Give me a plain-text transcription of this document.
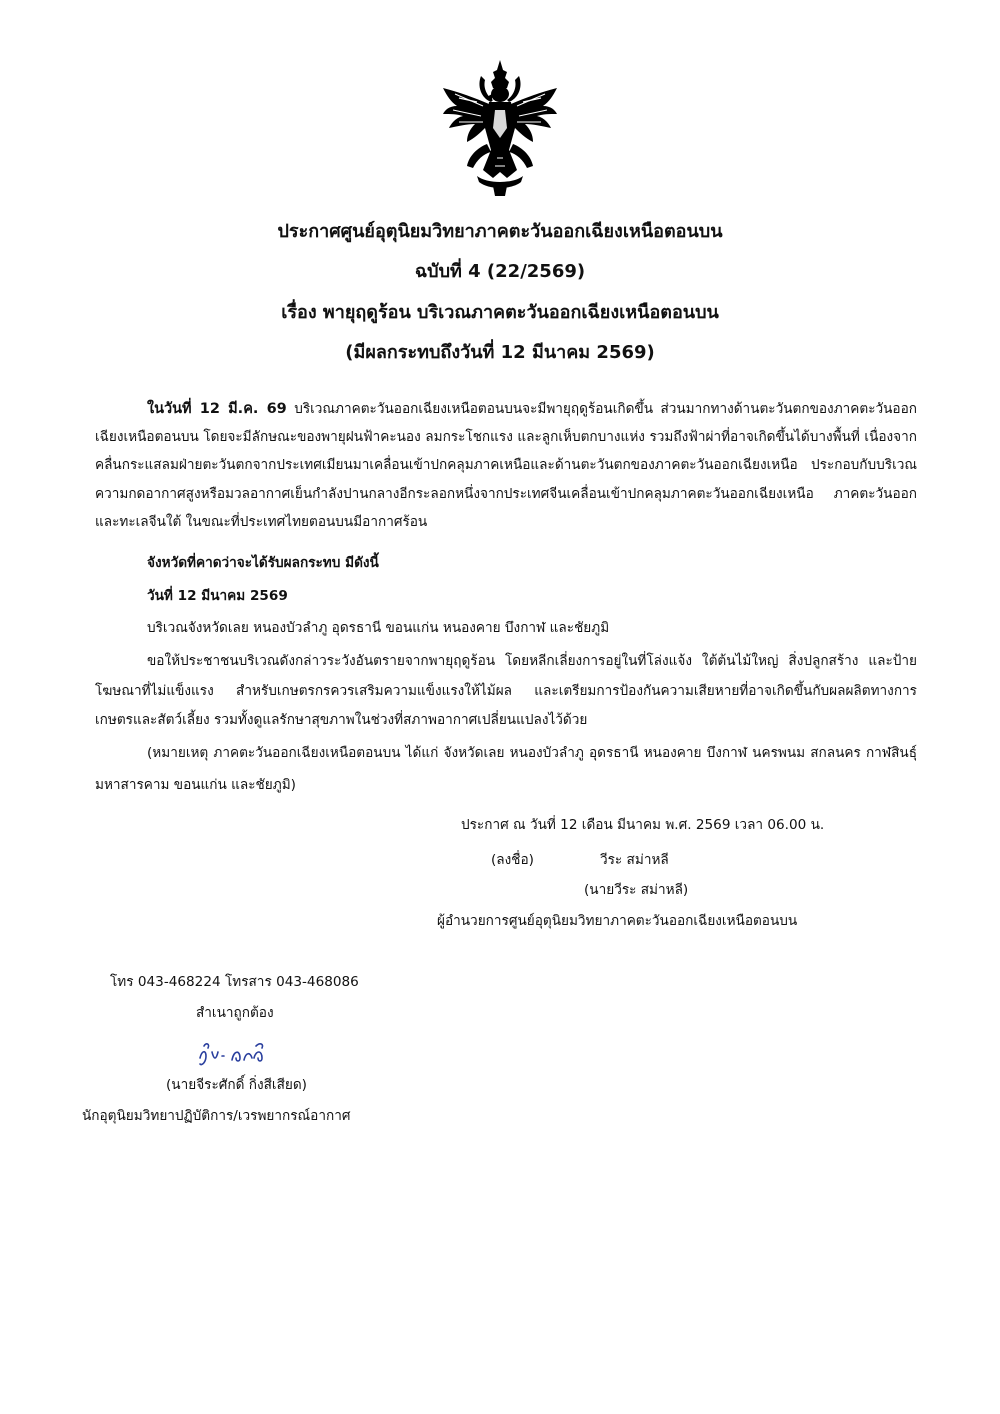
ประกาศศูนย์อุตุนิยมวิทยาภาคตะวันออกเฉียงเหนือตอนบน
ฉบับที่ 4 (22/2569)
เรื่อง พายุฤดูร้อน บริเวณภาคตะวันออกเฉียงเหนือตอนบน
(มีผลกระทบถึงวันที่ 12 มีนาคม 2569)

ในวันที่ 12 มี.ค. 69 บริเวณภาคตะวันออกเฉียงเหนือตอนบนจะมีพายุฤดูร้อนเกิดขึ้น ส่วนมากทางด้านตะวันตกของภาคตะวันออกเฉียงเหนือตอนบน โดยจะมีลักษณะของพายุฝนฟ้าคะนอง ลมกระโชกแรง และลูกเห็บตกบางแห่ง รวมถึงฟ้าผ่าที่อาจเกิดขึ้นได้บางพื้นที่ เนื่องจากคลื่นกระแสลมฝ่ายตะวันตกจากประเทศเมียนมาเคลื่อนเข้าปกคลุมภาคเหนือและด้านตะวันตกของภาคตะวันออกเฉียงเหนือ ประกอบกับบริเวณความกดอากาศสูงหรือมวลอากาศเย็นกำลังปานกลางอีกระลอกหนึ่งจากประเทศจีนเคลื่อนเข้าปกคลุมภาคตะวันออกเฉียงเหนือ ภาคตะวันออก และทะเลจีนใต้ ในขณะที่ประเทศไทยตอนบนมีอากาศร้อน

จังหวัดที่คาดว่าจะได้รับผลกระทบ มีดังนี้
วันที่ 12 มีนาคม 2569
บริเวณจังหวัดเลย หนองบัวลำภู อุดรธานี ขอนแก่น หนองคาย บึงกาฬ และชัยภูมิ

ขอให้ประชาชนบริเวณดังกล่าวระวังอันตรายจากพายุฤดูร้อน โดยหลีกเลี่ยงการอยู่ในที่โล่งแจ้ง ใต้ต้นไม้ใหญ่ สิ่งปลูกสร้าง และป้ายโฆษณาที่ไม่แข็งแรง สำหรับเกษตรกรควรเสริมความแข็งแรงให้ไม้ผล และเตรียมการป้องกันความเสียหายที่อาจเกิดขึ้นกับผลผลิตทางการเกษตรและสัตว์เลี้ยง รวมทั้งดูแลรักษาสุขภาพในช่วงที่สภาพอากาศเปลี่ยนแปลงไว้ด้วย

(หมายเหตุ ภาคตะวันออกเฉียงเหนือตอนบน ได้แก่ จังหวัดเลย หนองบัวลำภู อุดรธานี หนองคาย บึงกาฬ นครพนม สกลนคร กาฬสินธุ์ มหาสารคาม ขอนแก่น และชัยภูมิ)

ประกาศ ณ วันที่ 12 เดือน มีนาคม พ.ศ. 2569 เวลา 06.00 น.
(ลงชื่อ)	วีระ สม่าหลี
(นายวีระ สม่าหลี)
ผู้อำนวยการศูนย์อุตุนิยมวิทยาภาคตะวันออกเฉียงเหนือตอนบน
โทร 043-468224 โทรสาร 043-468086
สำเนาถูกต้อง
(นายจีระศักดิ์ กิ่งสีเสียด)
นักอุตุนิยมวิทยาปฏิบัติการ/เวรพยากรณ์อากาศ
